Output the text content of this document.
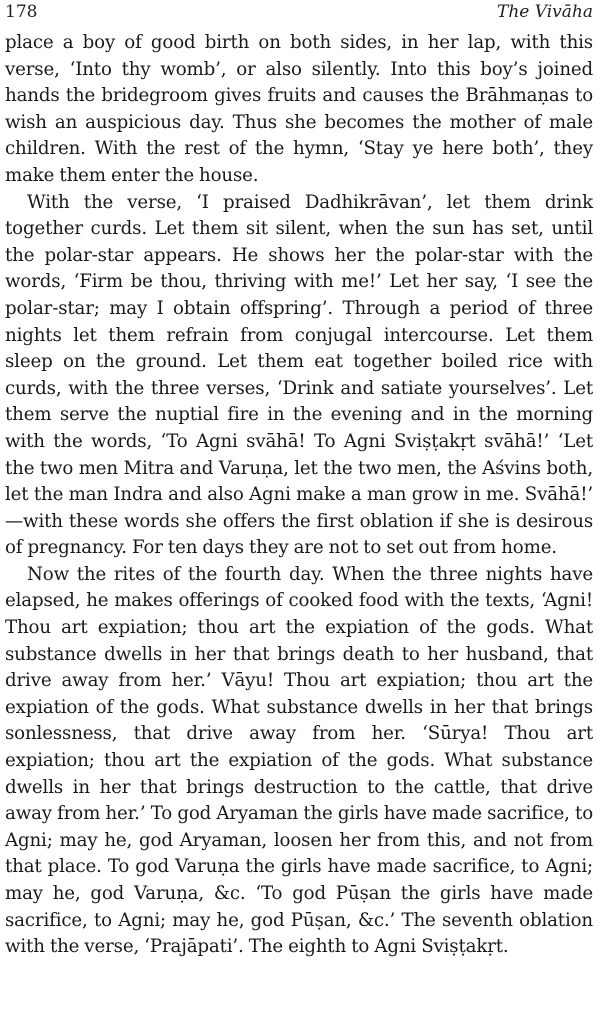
178	The Vivāha

place a boy of good birth on both sides, in her lap, with this verse, ‘Into thy womb’, or also silently. Into this boy’s joined hands the bridegroom gives fruits and causes the Brāhmaṇas to wish an auspicious day. Thus she becomes the mother of male children. With the rest of the hymn, ‘Stay ye here both’, they make them enter the house.

With the verse, ‘I praised Dadhikrāvan’, let them drink together curds. Let them sit silent, when the sun has set, until the polar-star appears. He shows her the polar-star with the words, ‘Firm be thou, thriving with me!’ Let her say, ‘I see the polar-star; may I obtain offspring’. Through a period of three nights let them refrain from conjugal intercourse. Let them sleep on the ground. Let them eat together boiled rice with curds, with the three verses, ‘Drink and satiate yourselves’. Let them serve the nuptial fire in the evening and in the morning with the words, ‘To Agni svāhā! To Agni Sviṣṭakṛt svāhā!’ ‘Let the two men Mitra and Varuṇa, let the two men, the Aśvins both, let the man Indra and also Agni make a man grow in me. Svāhā!’ —with these words she offers the first oblation if she is desirous of pregnancy. For ten days they are not to set out from home.

Now the rites of the fourth day. When the three nights have elapsed, he makes offerings of cooked food with the texts, ‘Agni! Thou art expiation; thou art the expiation of the gods. What substance dwells in her that brings death to her husband, that drive away from her.’ Vāyu! Thou art expiation; thou art the expiation of the gods. What substance dwells in her that brings sonlessness, that drive away from her. ‘Sūrya! Thou art expiation; thou art the expiation of the gods. What substance dwells in her that brings destruction to the cattle, that drive away from her.’ To god Aryaman the girls have made sacrifice, to Agni; may he, god Aryaman, loosen her from this, and not from that place. To god Varuṇa the girls have made sacrifice, to Agni; may he, god Varuṇa, &c. ‘To god Pūṣan the girls have made sacrifice, to Agni; may he, god Pūṣan, &c.’ The seventh oblation with the verse, ‘Prajāpati’. The eighth to Agni Sviṣṭakṛt.
